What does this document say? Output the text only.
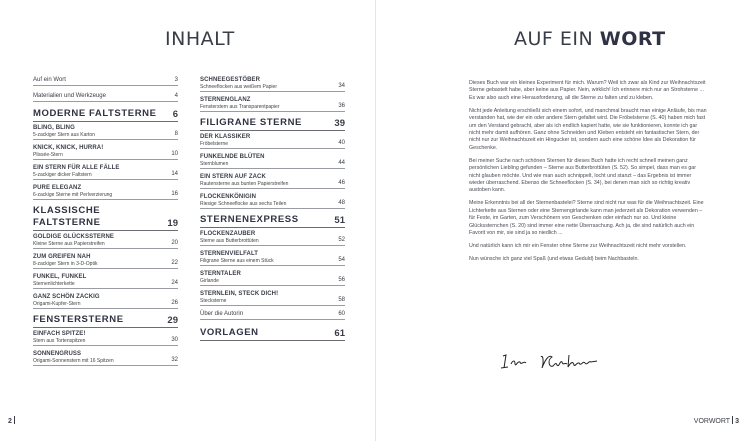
INHALT	AUF EIN WORT
Auf ein Wort	3
Materialien und Werkzeuge	4
MODERNE FALTSTERNE	6
BLING, BLING
5-zackiger Stern aus Karton	8
KNICK, KNICK, HURRA!
Plissée-Stern	10
EIN STERN FÜR ALLE FÄLLE
5-zackiger dicker Faltstern	14
PURE ELEGANZ
6-zackige Sterne mit Perlverzierung	16
KLASSISCHE FALTSTERNE	19
GOLDIGE GLÜCKSSTERNE
Kleine Sterne aus Papierstreifen	20
ZUM GREIFEN NAH
8-zackiger Stern in 3-D-Optik	22
FUNKEL, FUNKEL
Sternenlichterkette	24
GANZ SCHÖN ZACKIG
Origami-Kupfer-Stern	26
FENSTERSTERNE	29
EINFACH SPITZE!
Stern aus Tortenspitzen	30
SONNENGRUSS
Origami-Sonnenstern mit 16 Spitzen	32
SCHNEEGESTÖBER
Schneeflocken aus weißem Papier	34
STERNENGLANZ
Fensterstern aus Transparentpapier	36
FILIGRANE STERNE	39
DER KLASSIKER
Fröbelsterne	40
FUNKELNDE BLÜTEN
Sternblumen	44
EIN STERN AUF ZACK
Rautensterne aus bunten Papierstreifen	46
FLOCKENKÖNIGIN
Riesige Schneeflocke aus sechs Teilen	48
STERNENEXPRESS	51
FLOCKENZAUBER
Sterne aus Butterbrottüten	52
STERNENVIELFALT
Filigrane Sterne aus einem Stück	54
STERNTALER
Girlande	56
STERNLEIN, STECK DICH!
Stecksterne	58
Über die Autorin	60
VORLAGEN	61

Dieses Buch war ein kleines Experiment für mich. Warum? Weil ich zwar als Kind zur Weihnachtszeit Sterne gebastelt habe, aber keine aus Papier. Nein, wirklich! Ich erinnere mich nur an Strohsterne ... Es war also auch eine Herausforderung, all die Sterne zu falten und zu kleben.

Nicht jede Anleitung erschließt sich einem sofort, und manchmal braucht man einige Anläufe, bis man verstanden hat, wie der ein oder andere Stern gefaltet wird. Die Fröbelsterne (S. 40) haben mich fast um den Verstand gebracht, aber als ich endlich kapiert hatte, wie sie funktionieren, konnte ich gar nicht mehr damit aufhören. Ganz ohne Schneiden und Kleben entsteht ein fantastischer Stern, der nicht nur zur Weihnachtszeit ein Hingucker ist, sondern auch eine schöne Idee als Dekoration für Geschenke.

Bei meiner Suche nach schönen Sternen für dieses Buch hatte ich recht schnell meinen ganz persönlichen Liebling gefunden – Sterne aus Butterbrottüten (S. 52). So simpel, dass man es gar nicht glauben möchte. Und wie man auch schnippelt, locht und stanzt – das Ergebnis ist immer wieder überraschend. Ebenso die Schneeflocken (S. 34), bei denen man sich so richtig kreativ austoben kann.

Meine Erkenntnis bei all der Sternenbastelei? Sterne sind nicht nur was für die Weihnachtszeit. Eine Lichterkette aus Sternen oder eine Sternengirlande kann man jederzeit als Dekoration verwenden – für Feste, im Garten, zum Verschönern von Geschenken oder einfach nur so. Und kleine Glückssternchen (S. 20) sind immer eine nette Überraschung. Ach ja, die sind natürlich auch ein Favorit von mir, sie sind ja so niedlich ...

Und natürlich kann ich mir ein Fenster ohne Sterne zur Weihnachtszeit nicht mehr vorstellen.

Nun wünsche ich ganz viel Spaß (und etwas Geduld) beim Nachbasteln.

2	VORWORT 3
